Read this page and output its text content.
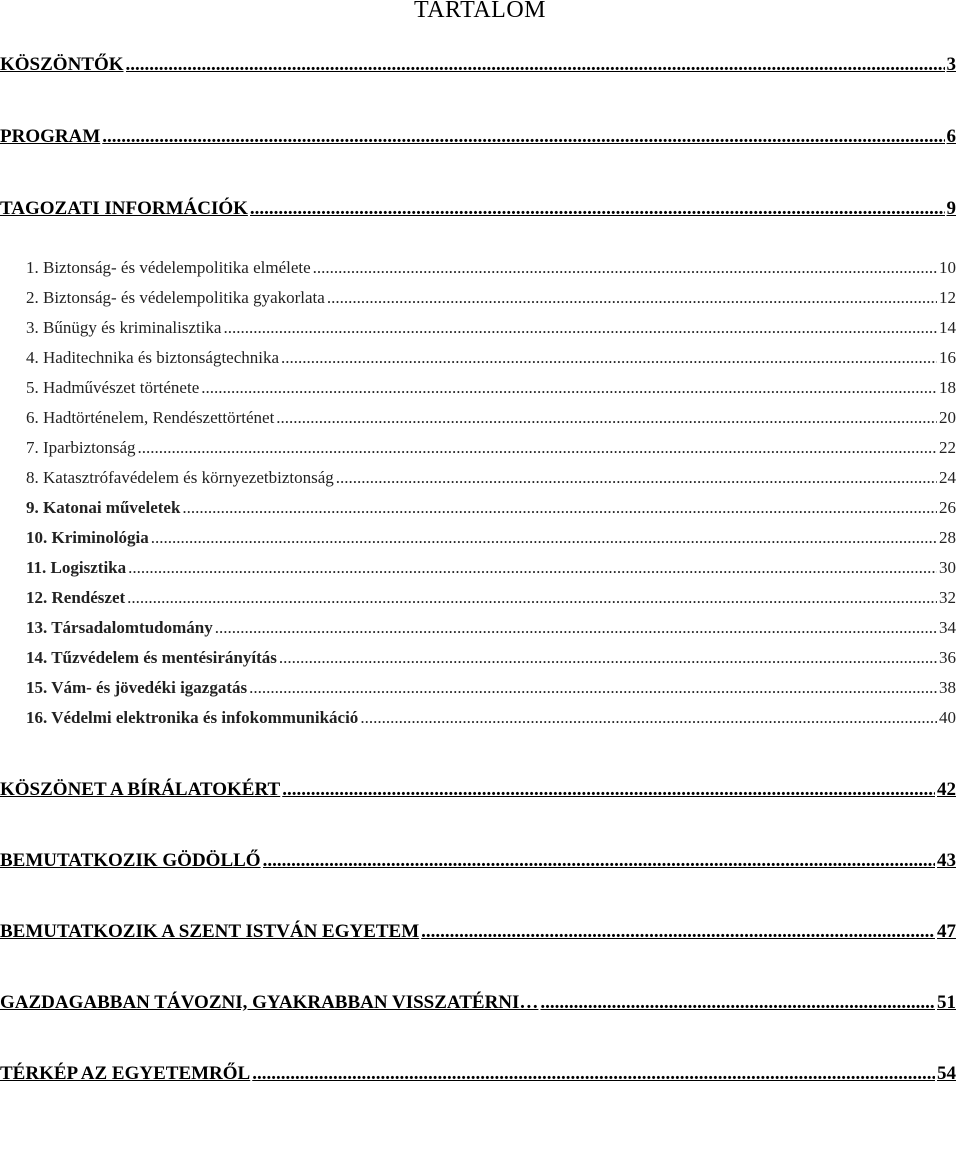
TARTALOM
KÖSZÖNTŐK .....	3
PROGRAM .....	6
TAGOZATI INFORMÁCIÓK .....	9
1. Biztonság- és védelempolitika elmélete .....	10
2. Biztonság- és védelempolitika gyakorlata .....	12
3. Bűnügy és kriminalisztika .....	14
4. Haditechnika és biztonságtechnika .....	16
5. Hadművészet története .....	18
6. Hadtörténelem, Rendészettörténet .....	20
7. Iparbiztonság .....	22
8. Katasztrófavédelem és környezetbiztonság .....	24
9. Katonai műveletek .....	26
10. Kriminológia .....	28
11. Logisztika .....	30
12. Rendészet .....	32
13. Társadalomtudomány .....	34
14. Tűzvédelem és mentésirányítás .....	36
15. Vám- és jövedéki igazgatás .....	38
16. Védelmi elektronika és infokommunikáció .....	40
KÖSZÖNET A BÍRÁLATOKÉRT .....	42
BEMUTATKOZIK GÖDÖLLŐ .....	43
BEMUTATKOZIK A SZENT ISTVÁN EGYETEM .....	47
GAZDAGABBAN TÁVOZNI, GYAKRABBAN VISSZATÉRNI… .....	51
TÉRKÉP AZ EGYETEMRŐL .....	54
